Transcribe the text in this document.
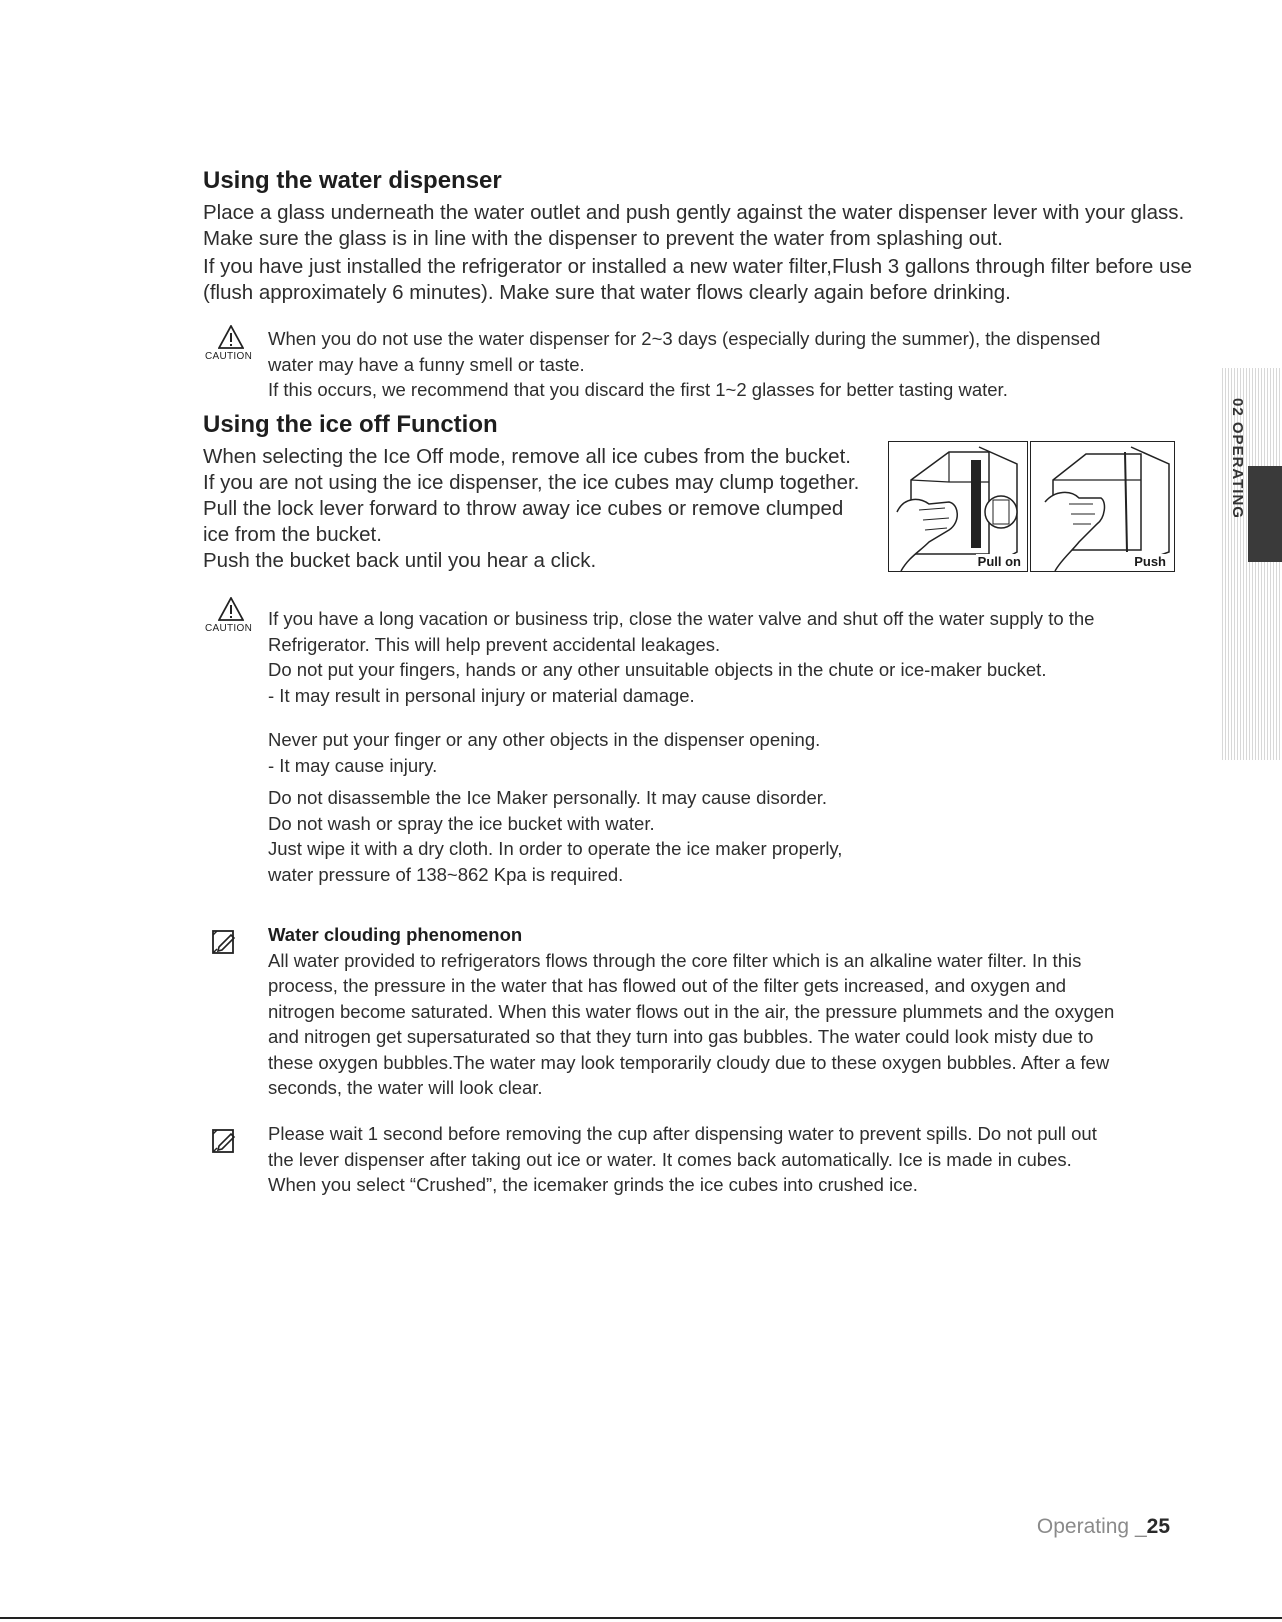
Using the water dispenser
Place a glass underneath the water outlet and push gently against the water dispenser lever with your glass.
Make sure the glass is in line with the dispenser to prevent the water from splashing out.
If you have just installed the refrigerator or installed a new water filter,Flush 3 gallons through filter before use
(flush approximately 6 minutes). Make sure that water flows clearly again before drinking.
CAUTION
When you do not use the water dispenser for 2~3 days (especially during the summer), the dispensed
water may have a funny smell or taste.
If this occurs, we recommend that you discard the first 1~2 glasses for better tasting water.
Using the ice off Function
When selecting the Ice Off mode, remove all ice cubes from the bucket.
If you are not using the ice dispenser, the ice cubes may clump together.
Pull the lock lever forward to throw away ice cubes or remove clumped
ice from the bucket.
Push the bucket back until you hear a click.	Pull on	Push
CAUTION If you have a long vacation or business trip, close the water valve and shut off the water supply to the
Refrigerator. This will help prevent accidental leakages.
Do not put your fingers, hands or any other unsuitable objects in the chute or ice-maker bucket.
- It may result in personal injury or material damage.
Never put your finger or any other objects in the dispenser opening.
- It may cause injury.
Do not disassemble the Ice Maker personally. It may cause disorder.
Do not wash or spray the ice bucket with water.
Just wipe it with a dry cloth. In order to operate the ice maker properly,
water pressure of 138~862 Kpa is required.
Water clouding phenomenon
All water provided to refrigerators flows through the core filter which is an alkaline water filter. In this
process, the pressure in the water that has flowed out of the filter gets increased, and oxygen and
nitrogen become saturated. When this water flows out in the air, the pressure plummets and the oxygen
and nitrogen get supersaturated so that they turn into gas bubbles. The water could look misty due to
these oxygen bubbles.The water may look temporarily cloudy due to these oxygen bubbles. After a few
seconds, the water will look clear.
Please wait 1 second before removing the cup after dispensing water to prevent spills. Do not pull out
the lever dispenser after taking out ice or water. It comes back automatically. Ice is made in cubes.
When you select “Crushed”, the icemaker grinds the ice cubes into crushed ice.
02 OPERATING
Operating _25
